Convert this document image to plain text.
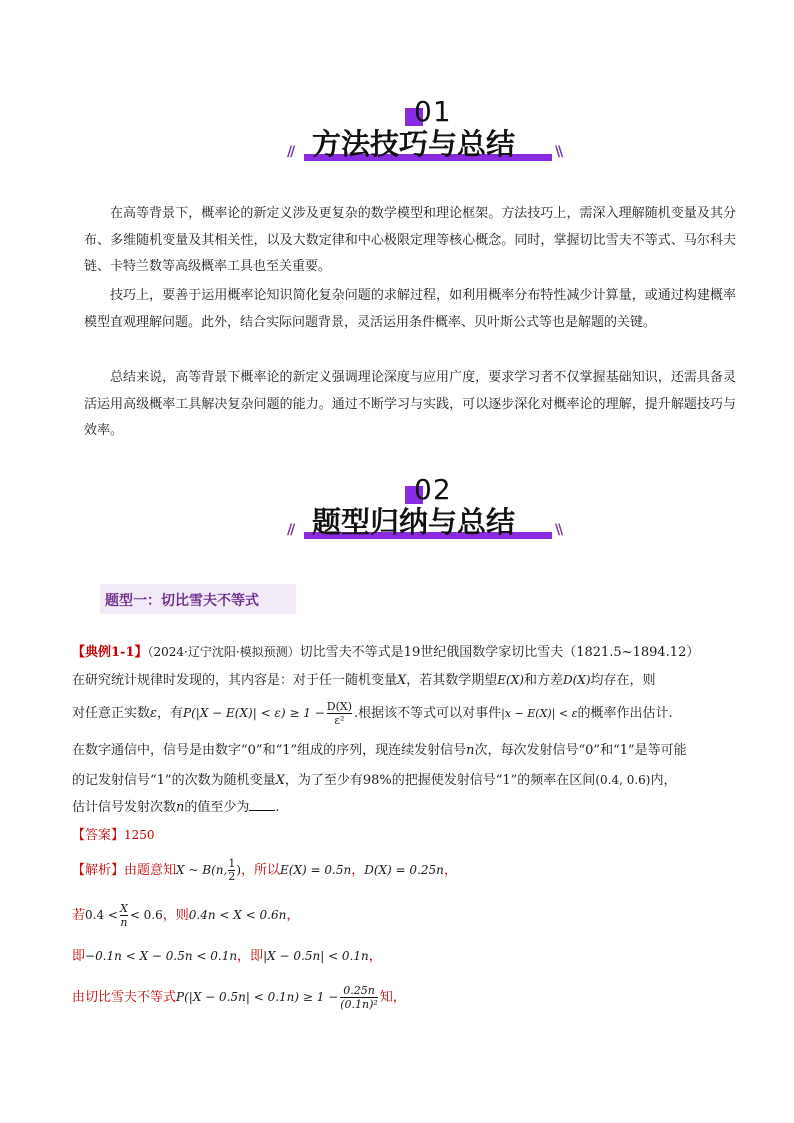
01
// 方法技巧与总结	\\

在高等背景下，概率论的新定义涉及更复杂的数学模型和理论框架。方法技巧上，需深入理解随机变量及其分布、多维随机变量及其相关性，以及大数定律和中心极限定理等核心概念。同时，掌握切比雪夫不等式、马尔科夫链、卡特兰数等高级概率工具也至关重要。

技巧上，要善于运用概率论知识简化复杂问题的求解过程，如利用概率分布特性减少计算量，或通过构建概率模型直观理解问题。此外，结合实际问题背景，灵活运用条件概率、贝叶斯公式等也是解题的关键。

总结来说，高等背景下概率论的新定义强调理论深度与应用广度，要求学习者不仅掌握基础知识，还需具备灵活运用高级概率工具解决复杂问题的能力。通过不断学习与实践，可以逐步深化对概率论的理解，提升解题技巧与效率。

02
// 题型归纳与总结	\\
题型一：切比雪夫不等式
【典例1-1】（2024·辽宁沈阳·模拟预测）切比雪夫不等式是19世纪俄国数学家切比雪夫（1821.5~1894.12）
在研究统计规律时发现的，其内容是：对于任一随机变量X，若其数学期望E(X)和方差D(X)均存在，则
对任意正实数ε，有$P(|X - E(X)| < \varepsilon) \ge 1 - \frac{D(X)}{\text{ε²}}$ .根据该不等式可以对事件|x − E(X)| < ε的概率作出估计.
在数字通信中，信号是由数字“0”和“1”组成的序列，现连续发射信号n次，每次发射信号“0”和“1”是等可能
的记发射信号“1”的次数为随机变量X，为了至少有98%的把握使发射信号“1”的频率在区间(0.4, 0.6)内，
估计信号发射次数n的值至少为 .
【答案】1250
【解析】由题意知X ~ B(n, $\frac{1}{2}$ )，所以E(X) = 0.5n，D(X) = 0.25n，
若$0.4 < \frac{X}{n} < 0.6$，则0.4n < X < 0.6n，
即−0.1n < X − 0.5n < 0.1n，即|X − 0.5n| < 0.1n，
由切比雪夫不等式$P(|X - 0.5n| < 0.1n) \ge 1 - \frac{0.25n}{\text{(0.1n)²}}$ 知，
